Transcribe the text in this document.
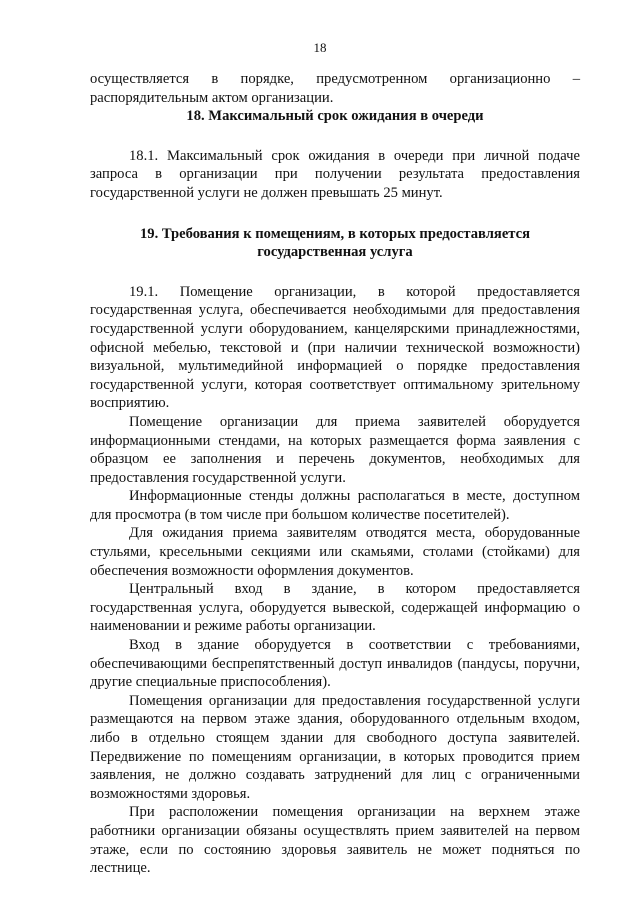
18

осуществляется в порядке, предусмотренном организационно – распорядительным актом организации.

18. Максимальный срок ожидания в очереди

18.1. Максимальный срок ожидания в очереди при личной подаче запроса в организации при получении результата предоставления государственной услуги не должен превышать 25 минут.

19. Требования к помещениям, в которых предоставляется государственная услуга

19.1. Помещение организации, в которой предоставляется государственная услуга, обеспечивается необходимыми для предоставления государственной услуги оборудованием, канцелярскими принадлежностями, офисной мебелью, текстовой и (при наличии технической возможности) визуальной, мультимедийной информацией о порядке предоставления государственной услуги, которая соответствует оптимальному зрительному восприятию.

Помещение организации для приема заявителей оборудуется информационными стендами, на которых размещается форма заявления с образцом ее заполнения и перечень документов, необходимых для предоставления государственной услуги.

Информационные стенды должны располагаться в месте, доступном для просмотра (в том числе при большом количестве посетителей).

Для ожидания приема заявителям отводятся места, оборудованные стульями, кресельными секциями или скамьями, столами (стойками) для обеспечения возможности оформления документов.

Центральный вход в здание, в котором предоставляется государственная услуга, оборудуется вывеской, содержащей информацию о наименовании и режиме работы организации.

Вход в здание оборудуется в соответствии с требованиями, обеспечивающими беспрепятственный доступ инвалидов (пандусы, поручни, другие специальные приспособления).

Помещения организации для предоставления государственной услуги размещаются на первом этаже здания, оборудованного отдельным входом, либо в отдельно стоящем здании для свободного доступа заявителей. Передвижение по помещениям организации, в которых проводится прием заявления, не должно создавать затруднений для лиц с ограниченными возможностями здоровья.

При расположении помещения организации на верхнем этаже работники организации обязаны осуществлять прием заявителей на первом этаже, если по состоянию здоровья заявитель не может подняться по лестнице.
